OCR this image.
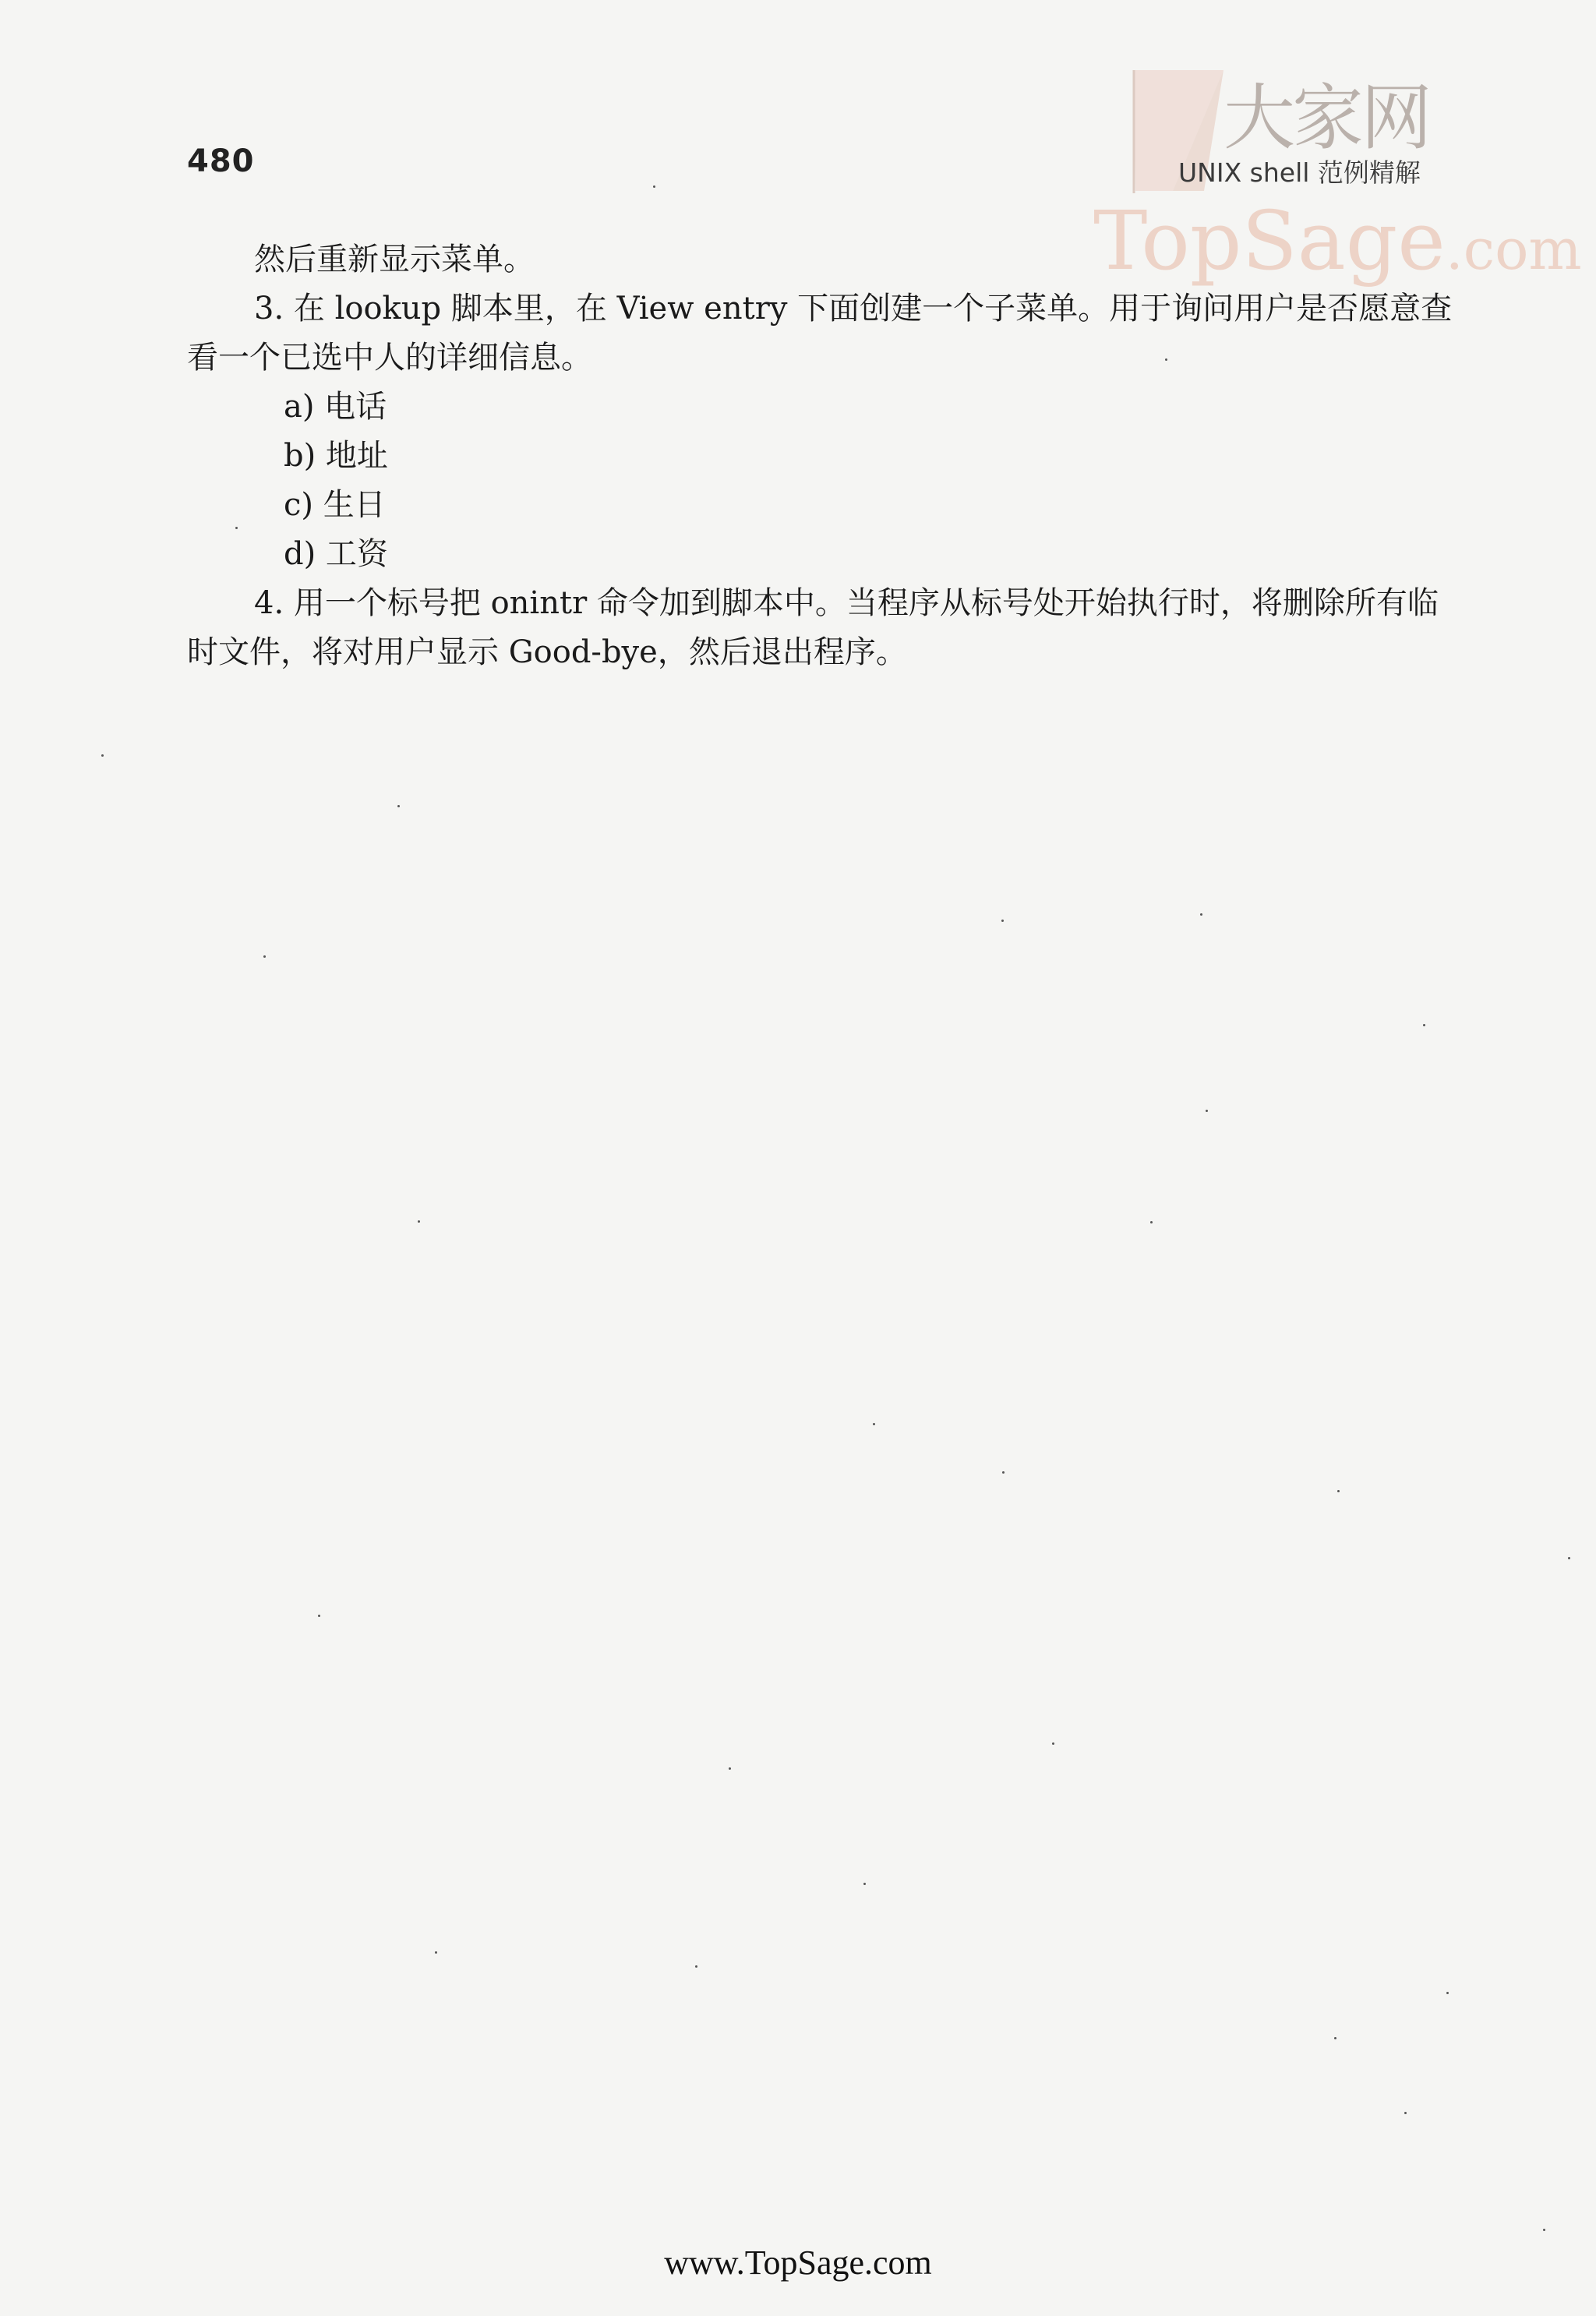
480
大家网
TopSage.com
UNIX shell 范例精解

然后重新显示菜单。

3. 在 lookup 脚本里，在 View entry 下面创建一个子菜单。用于询问用户是否愿意查看一个已选中人的详细信息。

a) 电话

b) 地址

c) 生日

d) 工资

4. 用一个标号把 onintr 命令加到脚本中。当程序从标号处开始执行时，将删除所有临时文件，将对用户显示 Good-bye，然后退出程序。

www.TopSage.com
